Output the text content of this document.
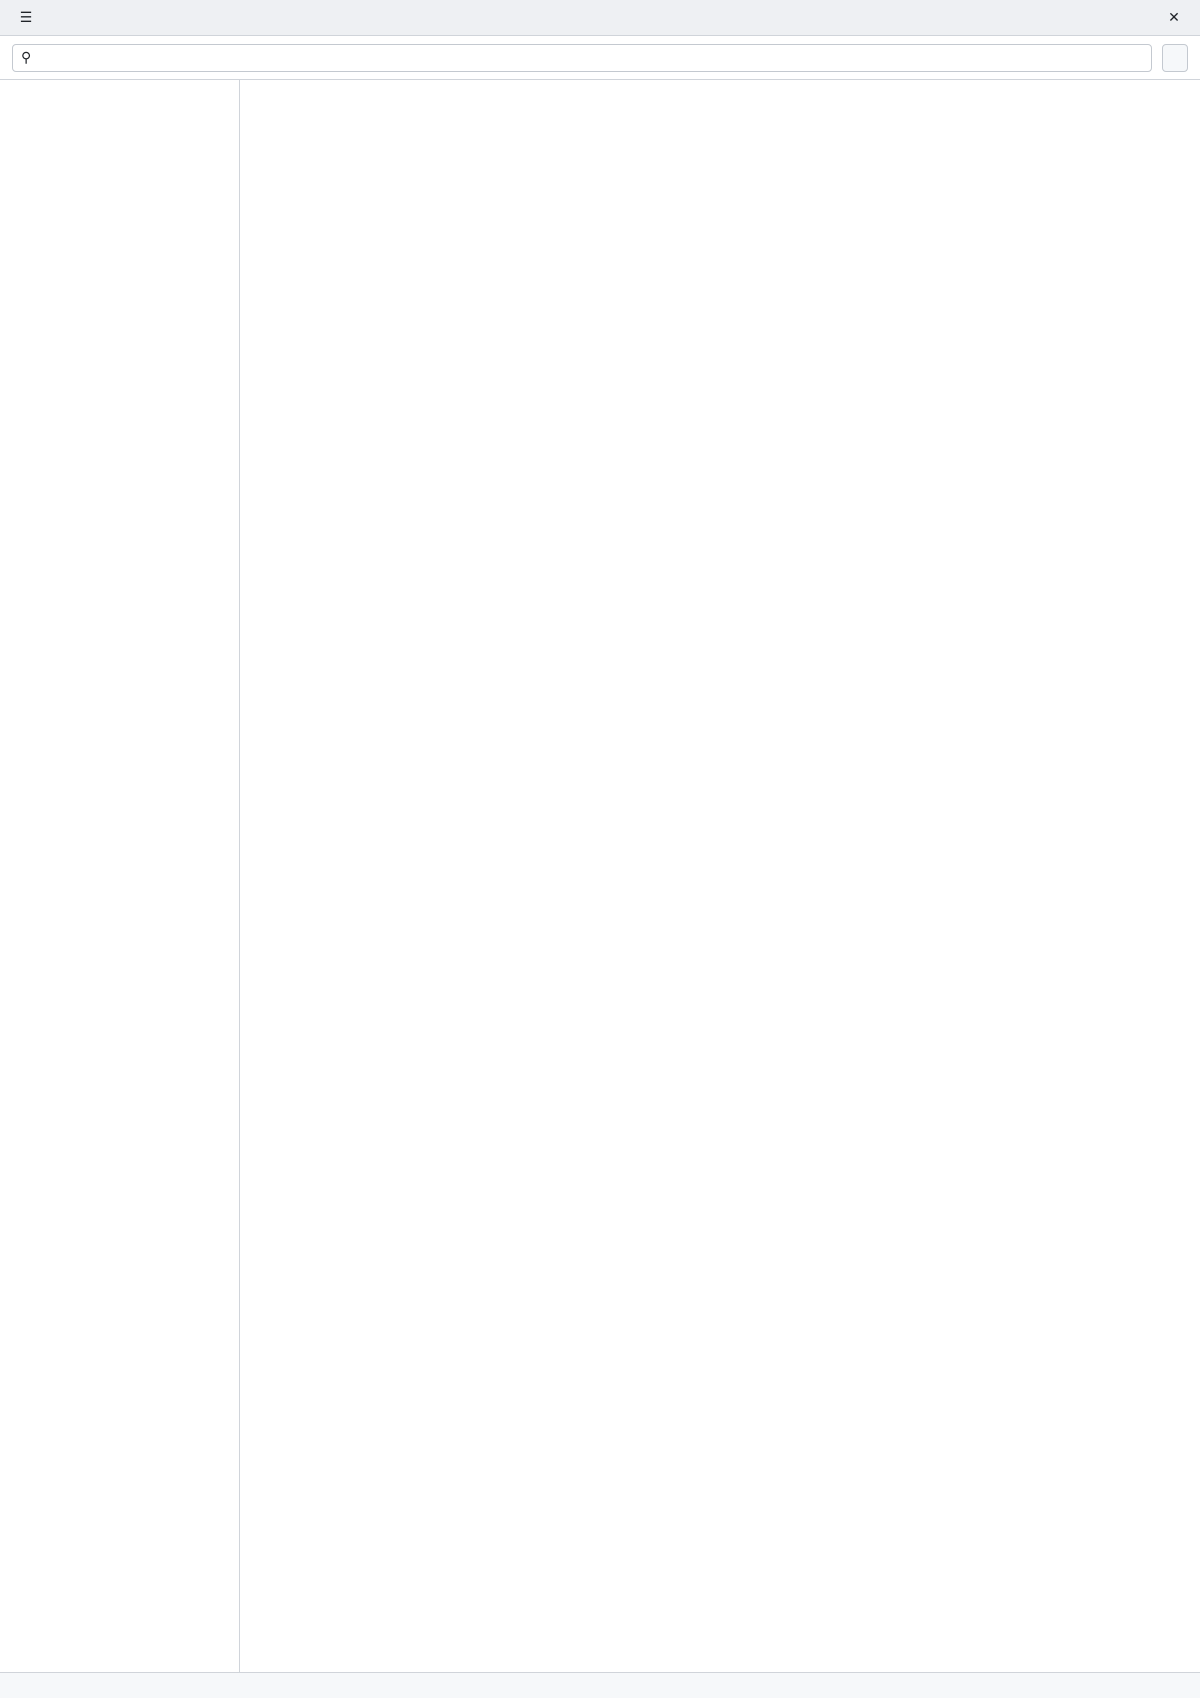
☰	✕
⚲
